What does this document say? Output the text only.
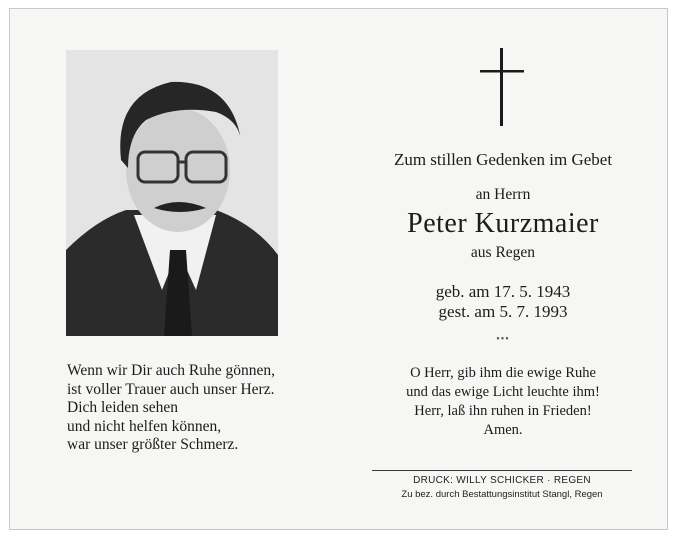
Zum stillen Gedenken im Gebet
an Herrn
Peter Kurzmaier
aus Regen
geb. am 17. 5. 1943
gest. am 5. 7. 1993
•••
O Herr, gib ihm die ewige Ruhe
und das ewige Licht leuchte ihm!
Herr, laß ihn ruhen in Frieden!
Amen.
Wenn wir Dir auch Ruhe gönnen,
ist voller Trauer auch unser Herz.
Dich leiden sehen
und nicht helfen können,
war unser größter Schmerz.
DRUCK: WILLY SCHICKER · REGEN
Zu bez. durch Bestattungsinstitut Stangl, Regen
